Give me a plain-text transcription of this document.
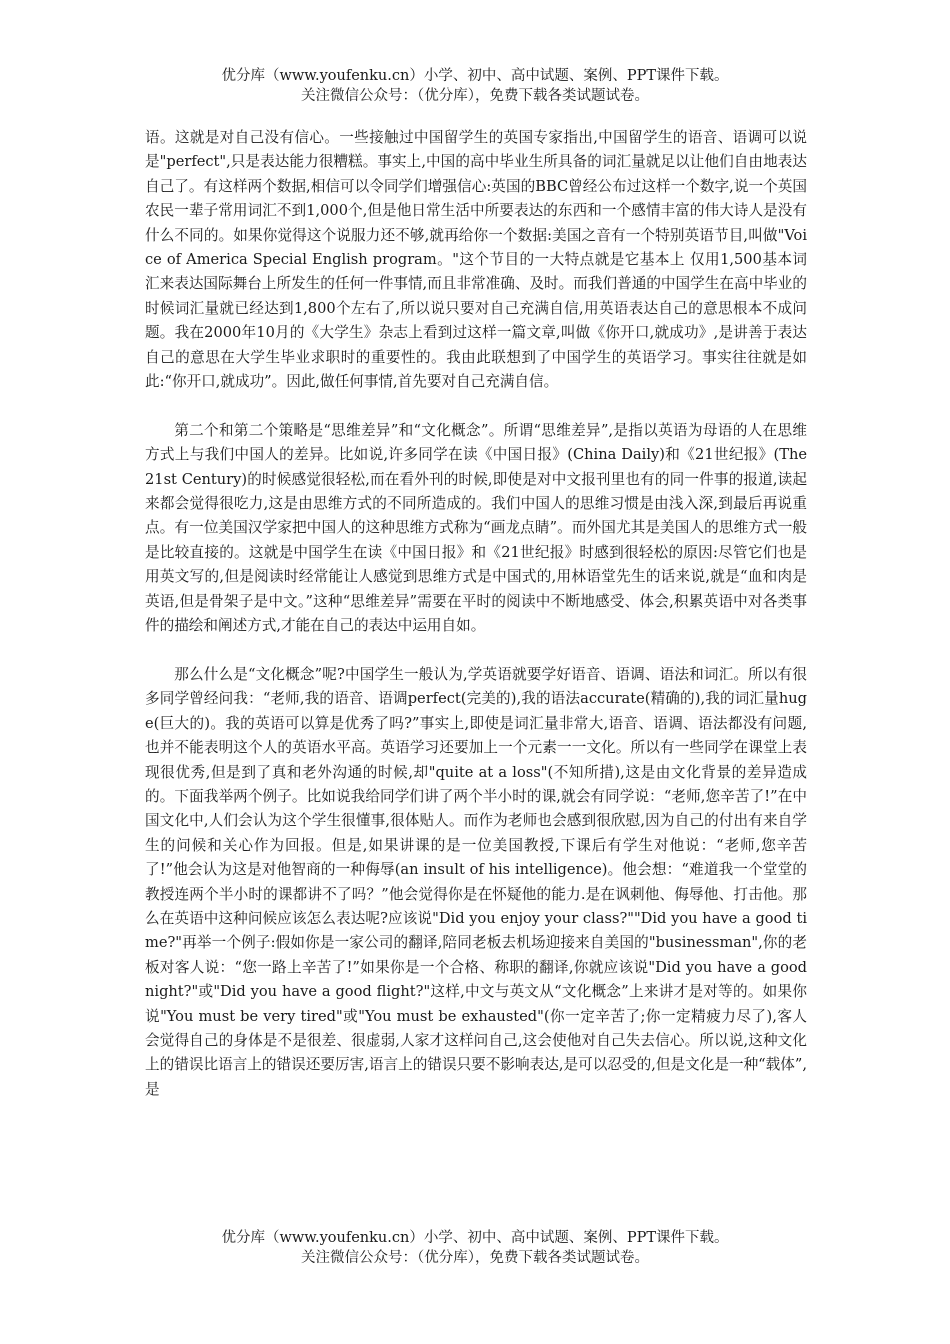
优分库（www.youfenku.cn）小学、初中、高中试题、案例、PPT课件下载。
关注微信公众号：（优分库），免费下载各类试题试卷。

语。这就是对自己没有信心。一些接触过中国留学生的英国专家指出,中国留学生的语音、语调可以说是"perfect",只是表达能力很糟糕。事实上,中国的高中毕业生所具备的词汇量就足以让他们自由地表达自己了。有这样两个数据,相信可以令同学们增强信心:英国的BBC曾经公布过这样一个数字,说一个英国农民一辈子常用词汇不到1,000个,但是他日常生活中所要表达的东西和一个感情丰富的伟大诗人是没有什么不同的。如果你觉得这个说服力还不够,就再给你一个数据:美国之音有一个特别英语节目,叫做"Voice of America Special English program。"这个节目的一大特点就是它基本上 仅用1,500基本词汇来表达国际舞台上所发生的任何一件事情,而且非常准确、及时。而我们普通的中国学生在高中毕业的时候词汇量就已经达到1,800个左右了,所以说只要对自己充满自信,用英语表达自己的意思根本不成问题。我在2000年10月的《大学生》杂志上看到过这样一篇文章,叫做《你开口,就成功》,是讲善于表达自己的意思在大学生毕业求职时的重要性的。我由此联想到了中国学生的英语学习。事实往往就是如此:“你开口,就成功”。因此,做任何事情,首先要对自己充满自信。

第二个和第二个策略是“思维差异”和“文化概念”。所谓“思维差异”,是指以英语为母语的人在思维方式上与我们中国人的差异。比如说,许多同学在读《中国日报》(China Daily)和《21世纪报》(The 21st Century)的时候感觉很轻松,而在看外刊的时候,即使是对中文报刊里也有的同一件事的报道,读起来都会觉得很吃力,这是由思维方式的不同所造成的。我们中国人的思维习惯是由浅入深,到最后再说重点。有一位美国汉学家把中国人的这种思维方式称为“画龙点睛”。而外国尤其是美国人的思维方式一般是比较直接的。这就是中国学生在读《中国日报》和《21世纪报》时感到很轻松的原因:尽管它们也是用英文写的,但是阅读时经常能让人感觉到思维方式是中国式的,用林语堂先生的话来说,就是“血和肉是英语,但是骨架子是中文。”这种“思维差异”需要在平时的阅读中不断地感受、体会,积累英语中对各类事件的描绘和阐述方式,才能在自己的表达中运用自如。

那么什么是“文化概念”呢?中国学生一般认为,学英语就要学好语音、语调、语法和词汇。所以有很多同学曾经问我：“老师,我的语音、语调perfect(完美的),我的语法accurate(精确的),我的词汇量huge(巨大的)。我的英语可以算是优秀了吗?”事实上,即使是词汇量非常大,语音、语调、语法都没有问题,也并不能表明这个人的英语水平高。英语学习还要加上一个元素一一文化。所以有一些同学在课堂上表现很优秀,但是到了真和老外沟通的时候,却"quite at a loss"(不知所措),这是由文化背景的差异造成的。下面我举两个例子。比如说我给同学们讲了两个半小时的课,就会有同学说：“老师,您辛苦了!”在中国文化中,人们会认为这个学生很懂事,很体贴人。而作为老师也会感到很欣慰,因为自己的付出有来自学生的问候和关心作为回报。但是,如果讲课的是一位美国教授,下课后有学生对他说：“老师,您辛苦了!”他会认为这是对他智商的一种侮辱(an insult of his intelligence)。他会想：“难道我一个堂堂的教授连两个半小时的课都讲不了吗？”他会觉得你是在怀疑他的能力.是在讽刺他、侮辱他、打击他。那么在英语中这种问候应该怎么表达呢?应该说"Did you enjoy your class?""Did you have a good time?"再举一个例子:假如你是一家公司的翻译,陪同老板去机场迎接来自美国的"businessman",你的老板对客人说：“您一路上辛苦了!”如果你是一个合格、称职的翻译,你就应该说"Did you have a good night?"或"Did you have a good flight?"这样,中文与英文从“文化概念”上来讲才是对等的。如果你说"You must be very tired"或"You must be exhausted"(你一定辛苦了;你一定精疲力尽了),客人会觉得自己的身体是不是很差、很虚弱,人家才这样问自己,这会使他对自己失去信心。所以说,这种文化上的错误比语言上的错误还要厉害,语言上的错误只要不影响表达,是可以忍受的,但是文化是一种“载体”,是

优分库（www.youfenku.cn）小学、初中、高中试题、案例、PPT课件下载。
关注微信公众号：（优分库），免费下载各类试题试卷。
